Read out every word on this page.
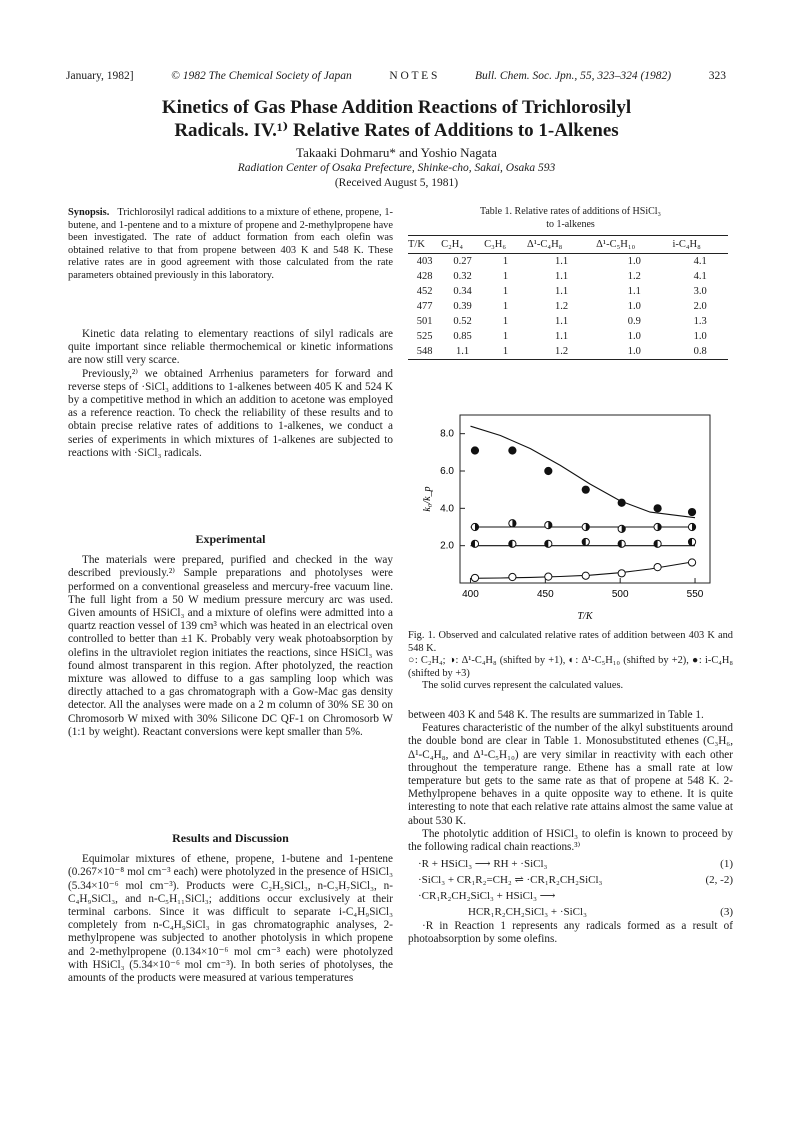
January, 1982]	© 1982 The Chemical Society of Japan	N O T E S	Bull. Chem. Soc. Jpn., 55, 323–324 (1982)	323
Kinetics of Gas Phase Addition Reactions of Trichlorosilyl
Radicals. IV.¹⁾ Relative Rates of Additions to 1-Alkenes
Takaaki Dohmaru* and Yoshio Nagata
Radiation Center of Osaka Prefecture, Shinke-cho, Sakai, Osaka 593
(Received August 5, 1981)

Synopsis. Trichlorosilyl radical additions to a mixture of ethene, propene, 1-butene, and 1-pentene and to a mixture of propene and 2-methylpropene have been investigated. The rate of adduct formation from each olefin was obtained relative to that from propene between 403 K and 548 K. These relative rates are in good agreement with those calculated from the rate parameters obtained previously in this laboratory.

Kinetic data relating to elementary reactions of silyl radicals are quite important since reliable thermochemical or kinetic informations are now still very scarce.

Previously,²⁾ we obtained Arrhenius parameters for forward and reverse steps of ·SiCl₃ additions to 1-alkenes between 405 K and 524 K by a competitive method in which an addition to acetone was employed as a reference reaction. To check the reliability of these results and to obtain precise relative rates of additions to 1-alkenes, we conduct a series of experiments in which mixtures of 1-alkenes are subjected to reactions with ·SiCl₃ radicals.

Experimental

The materials were prepared, purified and checked in the way described previously.²⁾ Sample preparations and photolyses were performed on a conventional greaseless and mercury-free vacuum line. The full light from a 50 W medium pressure mercury arc was used. Given amounts of HSiCl₃ and a mixture of olefins were admitted into a quartz reaction vessel of 139 cm³ which was heated in an electrical oven controlled to better than ±1 K. Probably very weak photoabsorption by olefins in the ultraviolet region initiates the reactions, since HSiCl₃ was found almost transparent in this region. After photolyzed, the reaction mixture was allowed to diffuse to a gas sampling loop which was directly attached to a gas chromatograph with a Gow-Mac gas density detector. All the analyses were made on a 2 m column of 30% SE 30 on Chromosorb W mixed with 30% Silicone DC QF-1 on Chromosorb W (1:1 by weight). Reactant conversions were kept smaller than 5%.

Results and Discussion

Equimolar mixtures of ethene, propene, 1-butene and 1-pentene (0.267×10⁻⁸ mol cm⁻³ each) were photolyzed in the presence of HSiCl₃ (5.34×10⁻⁶ mol cm⁻³). Products were C₂H₅SiCl₃, n-C₃H₇SiCl₃, n-C₄H₉SiCl₃, and n-C₅H₁₁SiCl₃; additions occur exclusively at their terminal carbons. Since it was difficult to separate i-C₄H₉SiCl₃ completely from n-C₄H₉SiCl₃ in gas chromatographic analyses, 2-methylpropene was subjected to another photolysis in which propene and 2-methylpropene (0.134×10⁻⁶ mol cm⁻³ each) were photolyzed with HSiCl₃ (5.34×10⁻⁶ mol cm⁻³). In both series of photolyses, the amounts of the products were measured at various temperatures

Table 1. Relative rates of additions of HSiCl₃
to 1-alkenes
T/K	C₂H₄	C₃H₆	Δ¹-C₄H₈	Δ¹-C₅H₁₀	i-C₄H₈
403	0.27	1	1.1	1.0	4.1
428	0.32	1	1.1	1.2	4.1
452	0.34	1	1.1	1.1	3.0
477	0.39	1	1.2	1.0	2.0
501	0.52	1	1.1	0.9	1.3
525	0.85	1	1.1	1.0	1.0
548	1.1	1	1.2	1.0	0.8
400	450	500	550
2.0
4.0
6.0
8.0
T/K
k₀/k_p
Fig. 1. Observed and calculated relative rates of addition between 403 K and 548 K.
○: C₂H₄; ◑: Δ¹-C₄H₈ (shifted by +1), ◐: Δ¹-C₅H₁₀ (shifted by +2), ●: i-C₄H₈ (shifted by +3)
The solid curves represent the calculated values.

between 403 K and 548 K. The results are summarized in Table 1.

Features characteristic of the number of the alkyl substituents around the double bond are clear in Table 1. Monosubstituted ethenes (C₃H₆, Δ¹-C₄H₈, and Δ¹-C₅H₁₀) are very similar in reactivity with each other throughout the temperature range. Ethene has a small rate at low temperature but gets to the same rate as that of propene at 548 K. 2-Methylpropene behaves in a quite opposite way to ethene. It is quite interesting to note that each relative rate attains almost the same value at about 530 K.

The photolytic addition of HSiCl₃ to olefin is known to proceed by the following radical chain reactions.³⁾

·R + HSiCl₃ ⟶ RH + ·SiCl₃	(1)
·SiCl₃ + CR₁R₂=CH₂ ⇌ ·CR₁R₂CH₂SiCl₃	(2, -2)
·CR₁R₂CH₂SiCl₃ + HSiCl₃ ⟶
HCR₁R₂CH₂SiCl₃ + ·SiCl₃	(3)

·R in Reaction 1 represents any radicals formed as a result of photoabsorption by some olefins.
